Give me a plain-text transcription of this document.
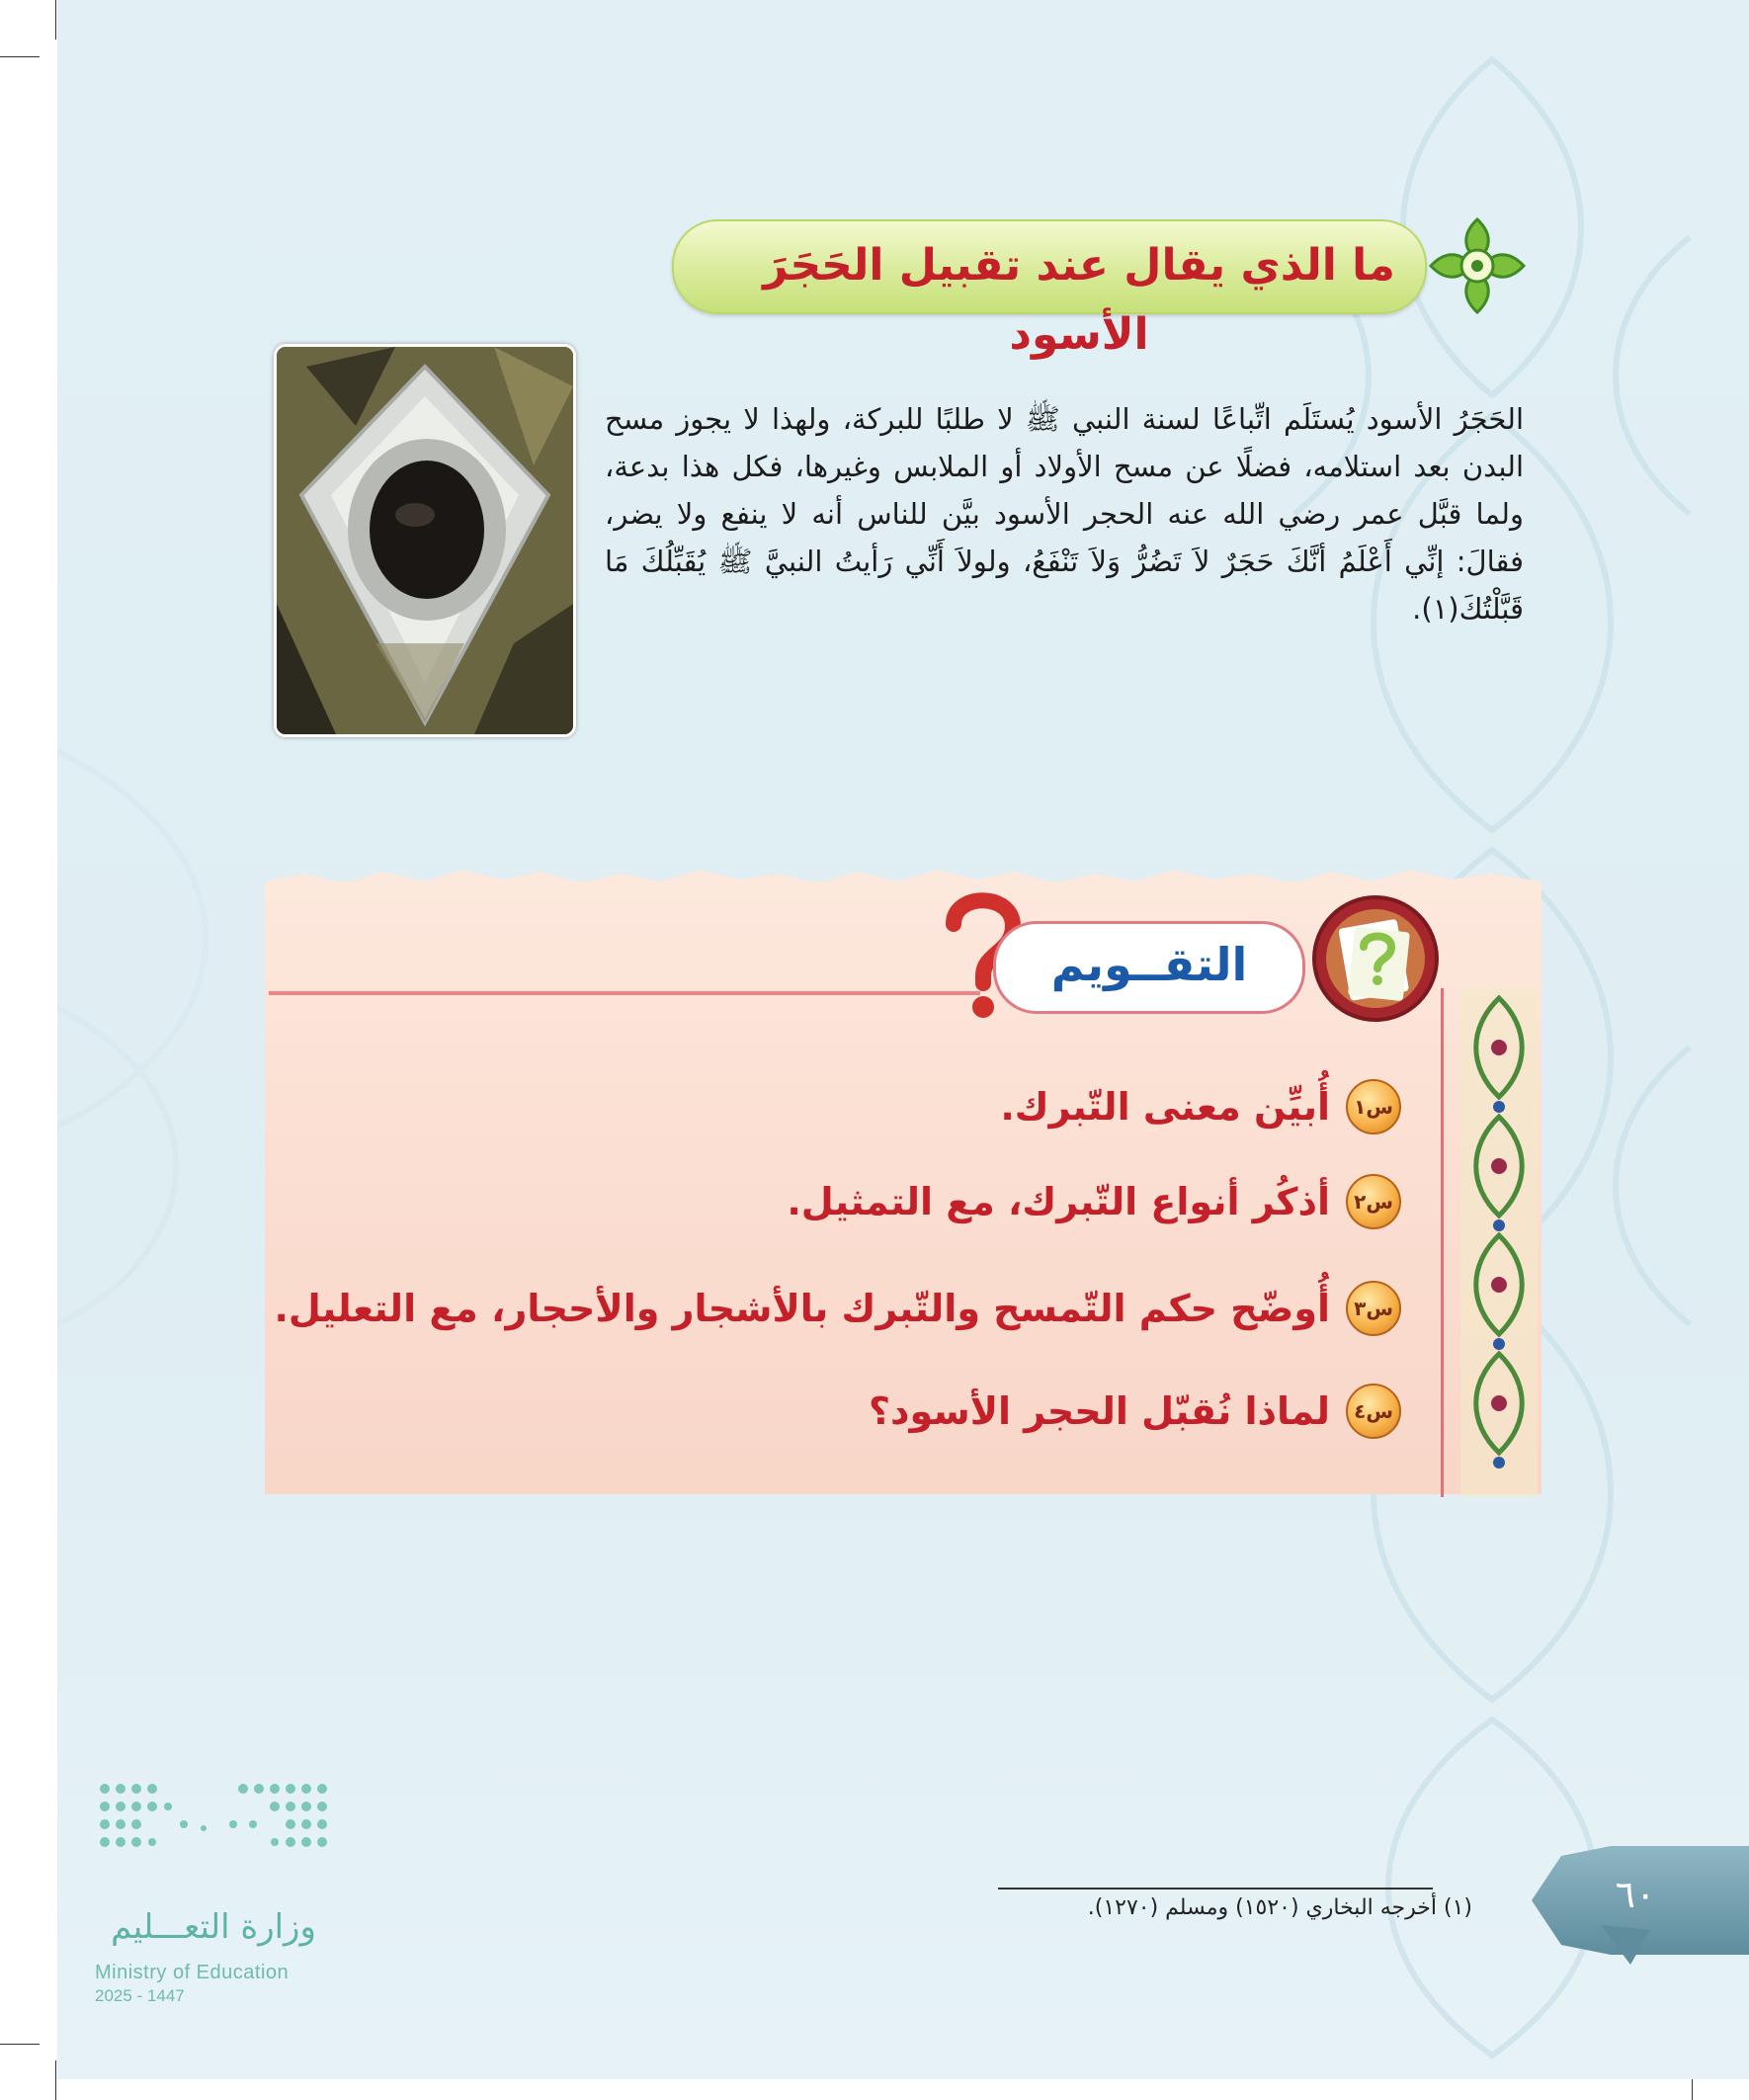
ما الذي يقال عند تقبيل الحَجَرَ الأسود
الحَجَرُ الأسود يُستَلَم اتِّباعًا لسنة النبي ﷺ لا طلبًا للبركة، ولهذا لا يجوز مسح البدن بعد استلامه، فضلًا عن مسح الأولاد أو الملابس وغيرها، فكل هذا بدعة، ولما قبَّل عمر رضي الله عنه الحجر الأسود بيَّن للناس أنه لا ينفع ولا يضر، فقالَ: إنِّي أَعْلَمُ أنَّكَ حَجَرٌ لاَ تَضُرُّ وَلاَ تَنْفَعُ، ولولاَ أَنِّي رَأيتُ النبيَّ ﷺ يُقَبِّلُكَ مَا قَبَّلْتُكَ(١).
التقــويم
س١
أُبيِّن معنى التّبرك.
س٢
أذكُر أنواع التّبرك، مع التمثيل.
س٣
أُوضّح حكم التّمسح والتّبرك بالأشجار والأحجار، مع التعليل.
س٤
لماذا نُقبّل الحجر الأسود؟
(١) أخرجه البخاري (١٥٢٠) ومسلم (١٢٧٠).	٦٠
وزارة التعـــليم
Ministry of Education
2025 - 1447
